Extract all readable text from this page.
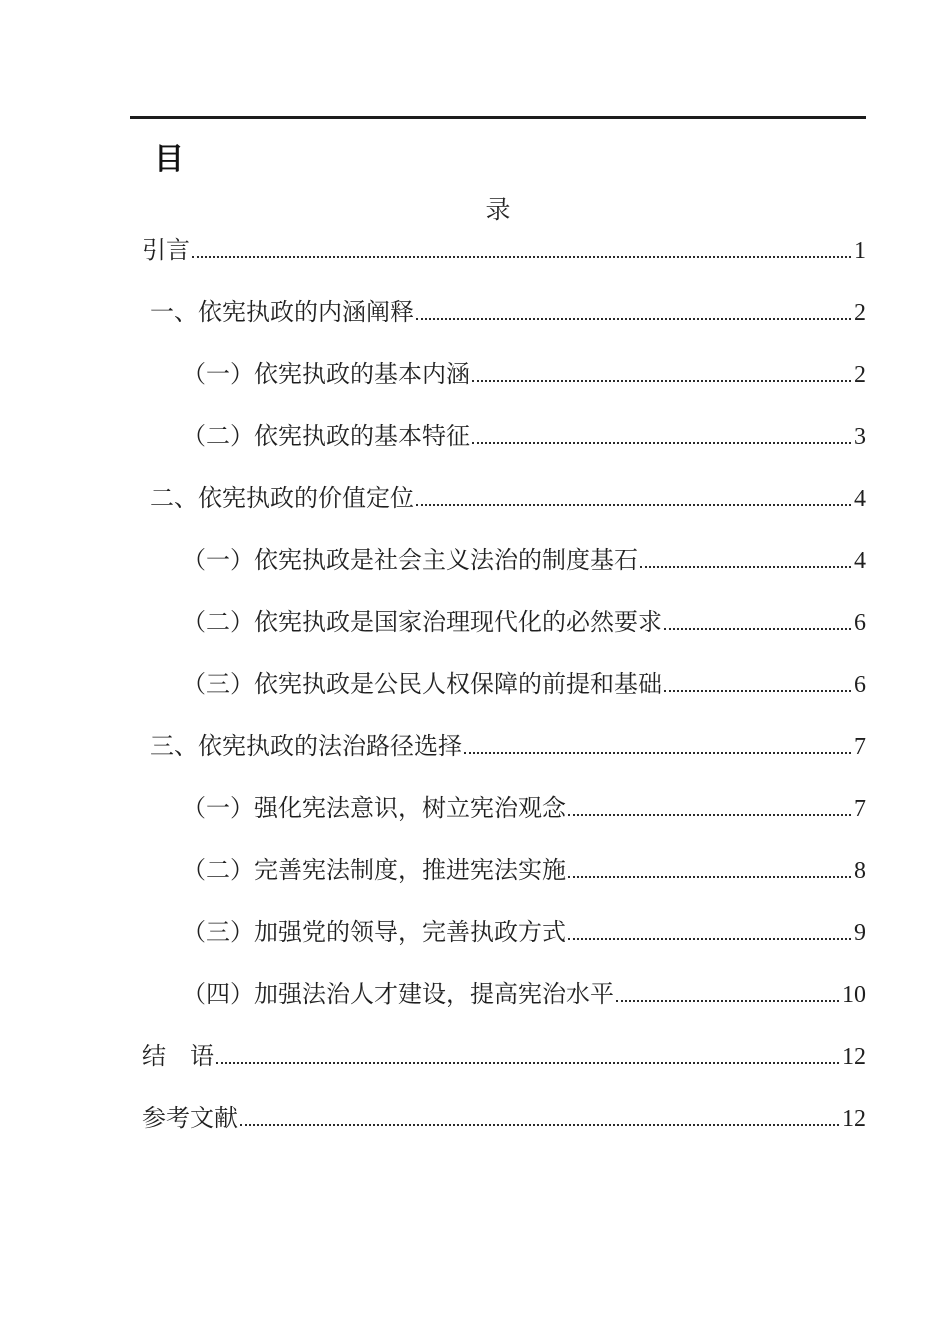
目
录
引言	1
一、 依宪执政的内涵阐释	2
（一） 依宪执政的基本内涵	2
（二） 依宪执政的基本特征	3
二、 依宪执政的价值定位	4
（一） 依宪执政是社会主义法治的制度基石	4
（二） 依宪执政是国家治理现代化的必然要求	6
（三） 依宪执政是公民人权保障的前提和基础	6
三、 依宪执政的法治路径选择	7
（一） 强化宪法意识，树立宪治观念	7
（二） 完善宪法制度，推进宪法实施	8
（三） 加强党的领导，完善执政方式	9
（四） 加强法治人才建设，提高宪治水平	10
结　语	12
参考文献	12
